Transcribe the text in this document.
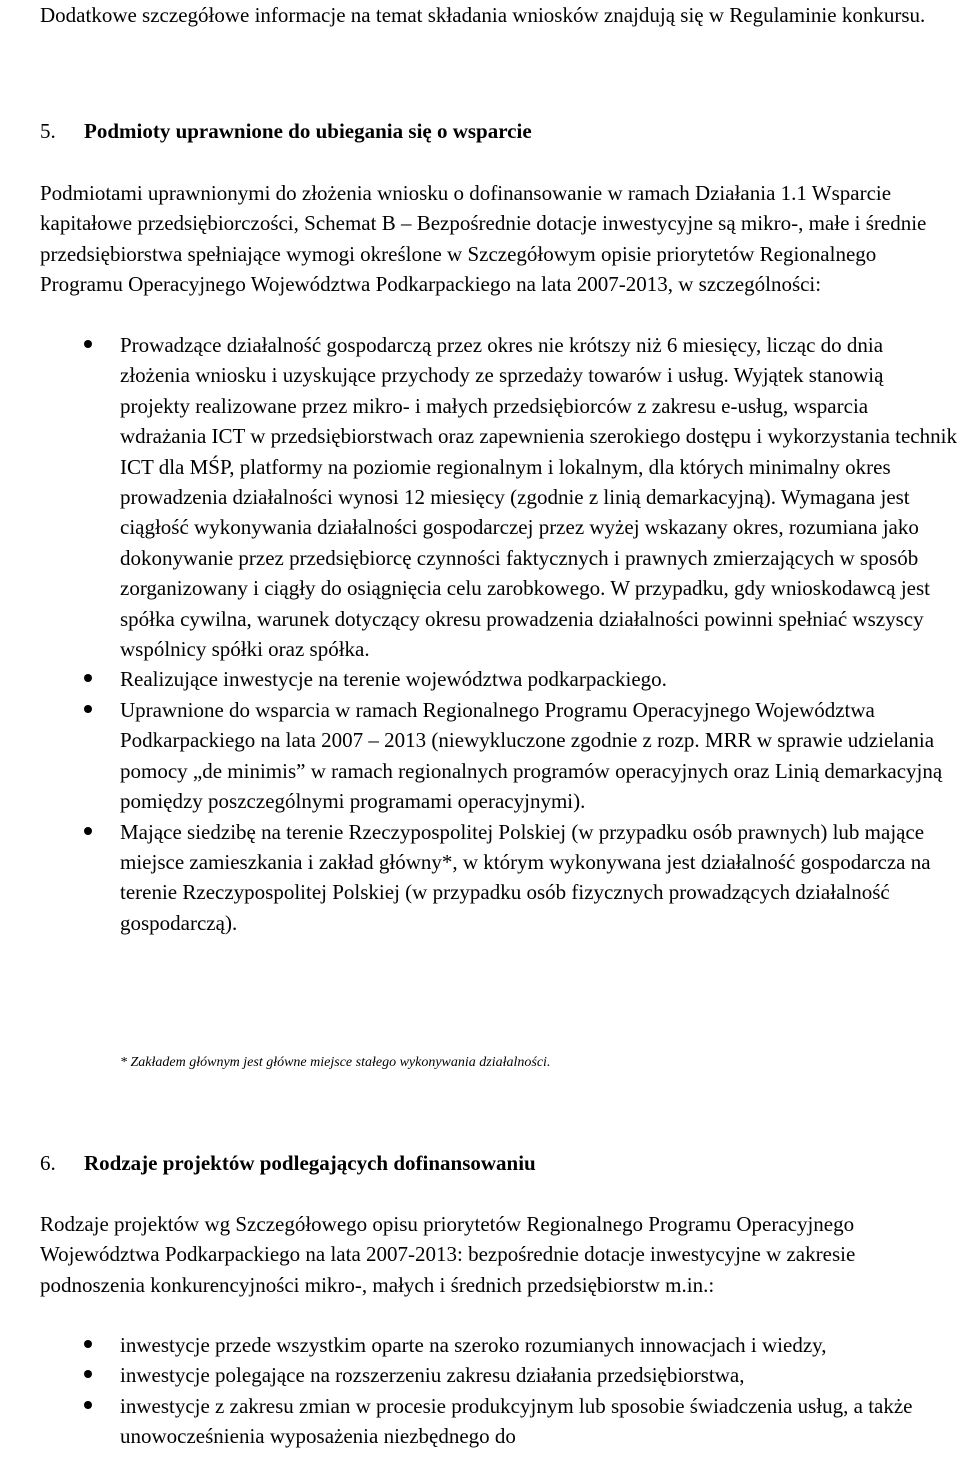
Dodatkowe szczegółowe informacje na temat składania wniosków znajdują się w Regulaminie konkursu.

5. Podmioty uprawnione do ubiegania się o wsparcie

Podmiotami uprawnionymi do złożenia wniosku o dofinansowanie w ramach Działania 1.1 Wsparcie kapitałowe przedsiębiorczości, Schemat B – Bezpośrednie dotacje inwestycyjne są mikro-, małe i średnie przedsiębiorstwa spełniające wymogi określone w Szczegółowym opisie priorytetów Regionalnego Programu Operacyjnego Województwa Podkarpackiego na lata 2007-2013, w szczególności:

Prowadzące działalność gospodarczą przez okres nie krótszy niż 6 miesięcy, licząc do dnia złożenia wniosku i uzyskujące przychody ze sprzedaży towarów i usług. Wyjątek stanowią projekty realizowane przez mikro- i małych przedsiębiorców z zakresu e-usług, wsparcia wdrażania ICT w przedsiębiorstwach oraz zapewnienia szerokiego dostępu i wykorzystania technik ICT dla MŚP, platformy na poziomie regionalnym i lokalnym, dla których minimalny okres prowadzenia działalności wynosi 12 miesięcy (zgodnie z linią demarkacyjną). Wymagana jest ciągłość wykonywania działalności gospodarczej przez wyżej wskazany okres, rozumiana jako dokonywanie przez przedsiębiorcę czynności faktycznych i prawnych zmierzających w sposób zorganizowany i ciągły do osiągnięcia celu zarobkowego. W przypadku, gdy wnioskodawcą jest spółka cywilna, warunek dotyczący okresu prowadzenia działalności powinni spełniać wszyscy wspólnicy spółki oraz spółka.
Realizujące inwestycje na terenie województwa podkarpackiego.
Uprawnione do wsparcia w ramach Regionalnego Programu Operacyjnego Województwa Podkarpackiego na lata 2007 – 2013 (niewykluczone zgodnie z rozp. MRR w sprawie udzielania pomocy „de minimis” w ramach regionalnych programów operacyjnych oraz Linią demarkacyjną pomiędzy poszczególnymi programami operacyjnymi).
Mające siedzibę na terenie Rzeczypospolitej Polskiej (w przypadku osób prawnych) lub mające miejsce zamieszkania i zakład główny*, w którym wykonywana jest działalność gospodarcza na terenie Rzeczypospolitej Polskiej (w przypadku osób fizycznych prowadzących działalność gospodarczą).
* Zakładem głównym jest główne miejsce stałego wykonywania działalności.
6. Rodzaje projektów podlegających dofinansowaniu

Rodzaje projektów wg Szczegółowego opisu priorytetów Regionalnego Programu Operacyjnego Województwa Podkarpackiego na lata 2007-2013: bezpośrednie dotacje inwestycyjne w zakresie podnoszenia konkurencyjności mikro-, małych i średnich przedsiębiorstw m.in.:

inwestycje przede wszystkim oparte na szeroko rozumianych innowacjach i wiedzy,
inwestycje polegające na rozszerzeniu zakresu działania przedsiębiorstwa,
inwestycje z zakresu zmian w procesie produkcyjnym lub sposobie świadczenia usług, a także unowocześnienia wyposażenia niezbędnego do
